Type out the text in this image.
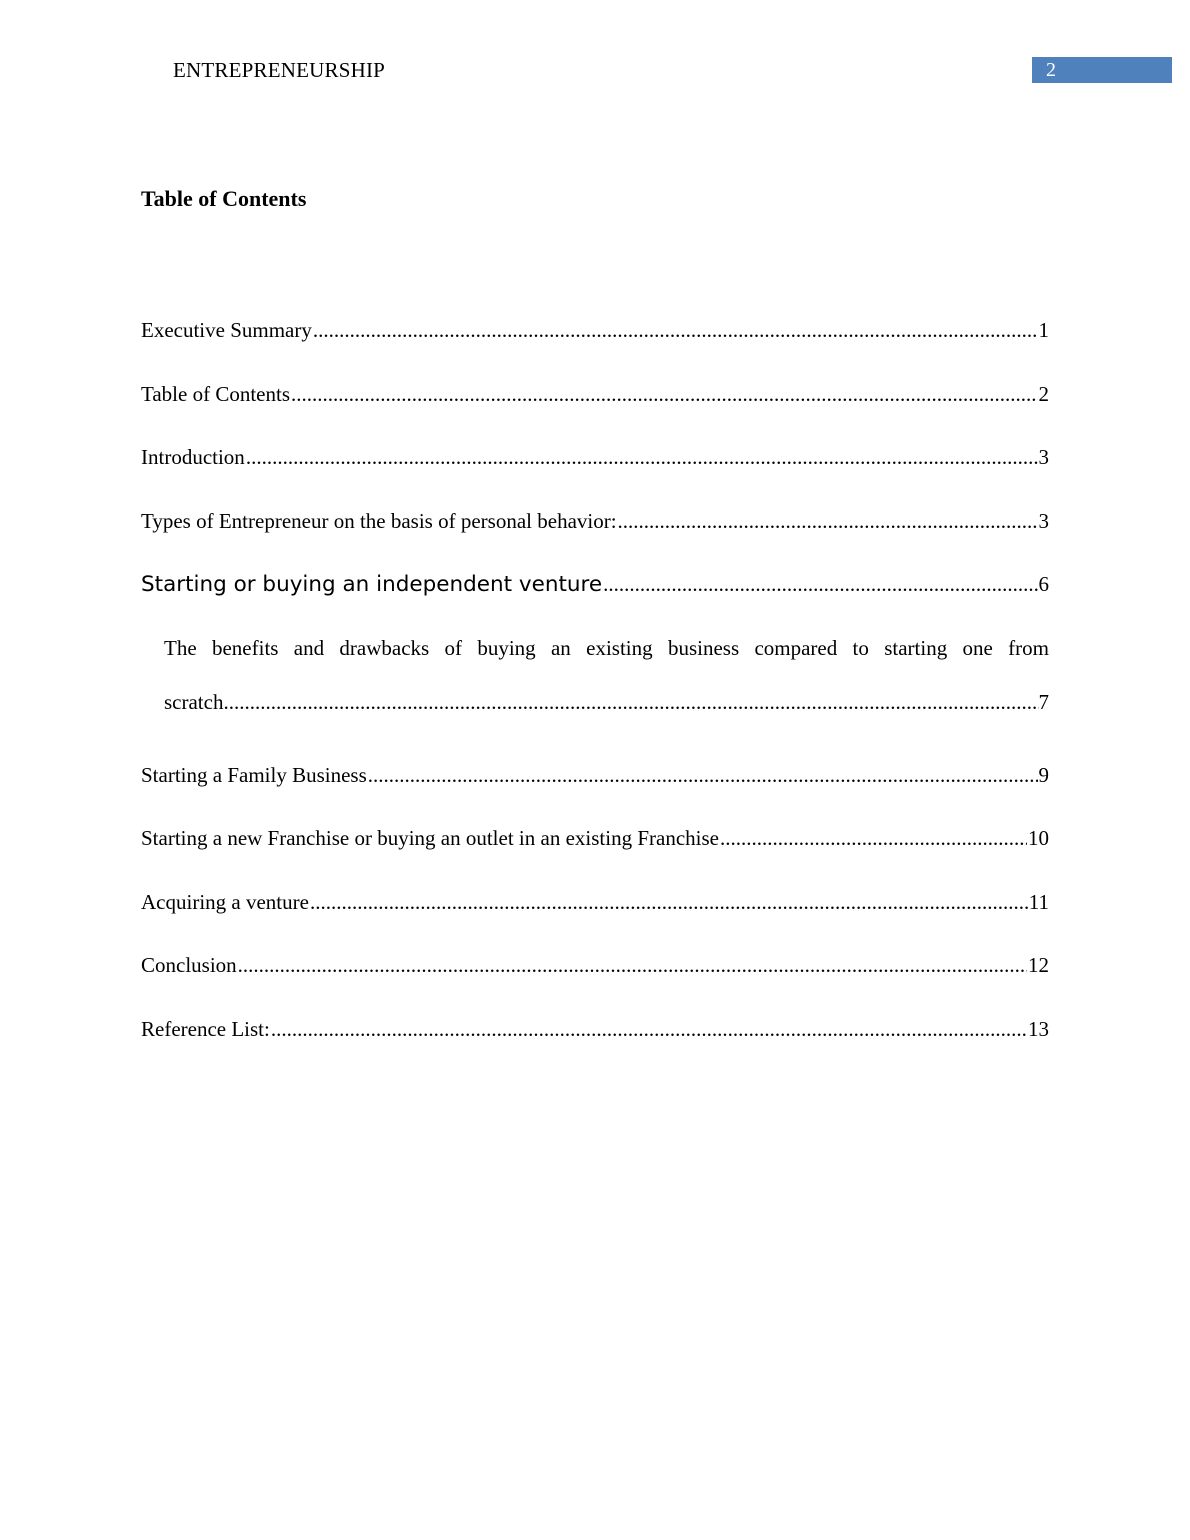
ENTREPRENEURSHIP	2
Table of Contents
Executive Summary .....	1
Table of Contents .....	2
Introduction .....	3
Types of Entrepreneur on the basis of personal behavior: .....	3
Starting or buying an independent venture .....	6
The benefits and drawbacks of buying an existing business compared to starting one from
scratch .....	7
Starting a Family Business .....	9
Starting a new Franchise or buying an outlet in an existing Franchise .....	10
Acquiring a venture .....	11
Conclusion .....	12
Reference List: .....	13
